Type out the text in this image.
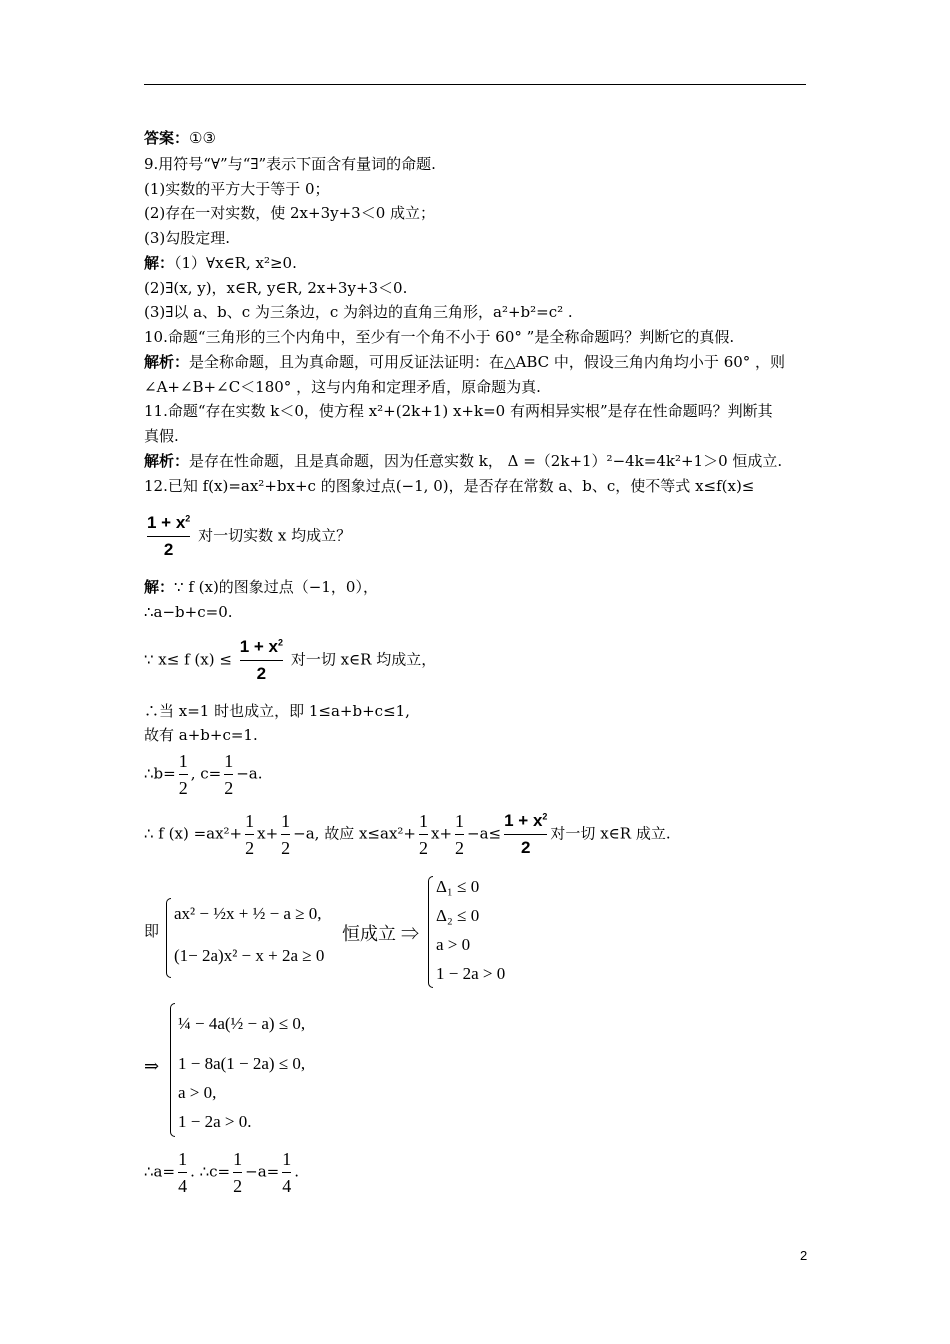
答案：①③
9.用符号“∀”与“∃”表示下面含有量词的命题.
(1)实数的平方大于等于 0；
(2)存在一对实数，使 2x+3y+3＜0 成立；
(3)勾股定理.
解：（1）∀x∈R, x²≥0.
(2)∃(x, y)，x∈R, y∈R, 2x+3y+3＜0.
(3)∃以 a、b、c 为三条边，c 为斜边的直角三角形，a²+b²=c² .
10.命题“三角形的三个内角中，至少有一个角不小于 60° ”是全称命题吗？判断它的真假.
解析：是全称命题，且为真命题，可用反证法证明：在△ABC 中，假设三角内角均小于 60° ，则
∠A+∠B+∠C＜180° ，这与内角和定理矛盾，原命题为真.
11.命题“存在实数 k＜0，使方程 x²+(2k+1) x+k=0 有两相异实根”是存在性命题吗？判断其
真假.
解析：是存在性命题，且是真命题，因为任意实数 k， Δ =（2k+1）²−4k=4k²+1＞0 恒成立.
12.已知 f(x)=ax²+bx+c 的图象过点(−1, 0)，是否存在常数 a、b、c，使不等式 x≤f(x)≤
$\frac{1 + x^2}{2}$ 对一切实数 x 均成立？
解：∵ f (x)的图象过点（−1，0），
∴a−b+c=0.
∵ x≤ f $(x) \le \frac{1 + x^2}{2}$ 对一切 x∈R 均成立，
∴当 x=1 时也成立，即 1≤a+b+c≤1,
故有 a+b+c=1.
∴b= $\frac{1}{2}$ , $c= \frac{1}{2} -a$.
∴ f $(x) =ax^2+ \frac{1}{2} x+ \frac{1}{2} -a$, 故应 $x\le ax^2+ \frac{1}{2} x+ \frac{1}{2} -a\le \frac{1 + x^2}{2}$ 对一切 x∈R 成立.
即
ax² − ½x + ½ − a ≥ 0,
(1− 2a)x² − x + 2a ≥ 0
恒成立 ⇒
Δ₁ ≤ 0
Δ₂ ≤ 0
a > 0
1 − 2a > 0
⇒
¼ − 4a(½ − a) ≤ 0,
1 − 8a(1 − 2a) ≤ 0,
a > 0,
1 − 2a > 0.
∴a= $\frac{1}{4}$ . ∴c= $\frac{1}{2} -a= \frac{1}{4}$ .
2
